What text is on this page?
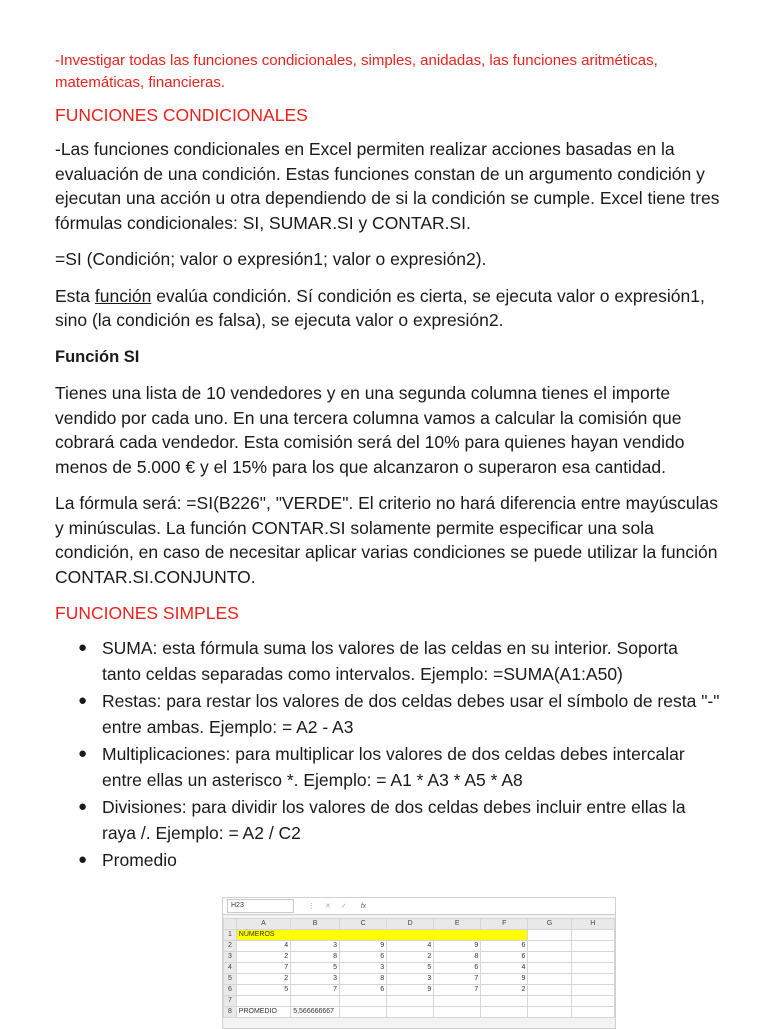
-Investigar todas las funciones condicionales, simples, anidadas, las funciones aritméticas, matemáticas, financieras.

FUNCIONES CONDICIONALES

-Las funciones condicionales en Excel permiten realizar acciones basadas en la evaluación de una condición. Estas funciones constan de un argumento condición y ejecutan una acción u otra dependiendo de si la condición se cumple. Excel tiene tres fórmulas condicionales: SI, SUMAR.SI y CONTAR.SI.

=SI (Condición; valor o expresión1; valor o expresión2).

Esta función evalúa condición. Sí condición es cierta, se ejecuta valor o expresión1, sino (la condición es falsa), se ejecuta valor o expresión2.

Función SI

Tienes una lista de 10 vendedores y en una segunda columna tienes el importe vendido por cada uno. En una tercera columna vamos a calcular la comisión que cobrará cada vendedor. Esta comisión será del 10% para quienes hayan vendido menos de 5.000 € y el 15% para los que alcanzaron o superaron esa cantidad.

La fórmula será: =SI(B226", "VERDE". El criterio no hará diferencia entre mayúsculas y minúsculas. La función CONTAR.SI solamente permite especificar una sola condición, en caso de necesitar aplicar varias condiciones se puede utilizar la función CONTAR.SI.CONJUNTO.

FUNCIONES SIMPLES

● SUMA: esta fórmula suma los valores de las celdas en su interior. Soporta tanto celdas separadas como intervalos. Ejemplo: =SUMA(A1:A50)
● Restas: para restar los valores de dos celdas debes usar el símbolo de resta "-" entre ambas. Ejemplo: = A2 - A3
● Multiplicaciones: para multiplicar los valores de dos celdas debes intercalar entre ellas un asterisco *. Ejemplo: = A1 * A3 * A5 * A8
● Divisiones: para dividir los valores de dos celdas debes incluir entre ellas la raya /. Ejemplo: = A2 / C2
● Promedio
H23	⋮✕✓ fx
	A	B	C	D	E	F	G	H
1	NÚMEROS							
2	4	3	9	4	9	6		
3	2	8	6	2	8	6		
4	7	5	3	5	6	4		
5	2	3	8	3	7	9		
6	5	7	6	9	7	2		
7								
8	PROMEDIO	5,566666667						
